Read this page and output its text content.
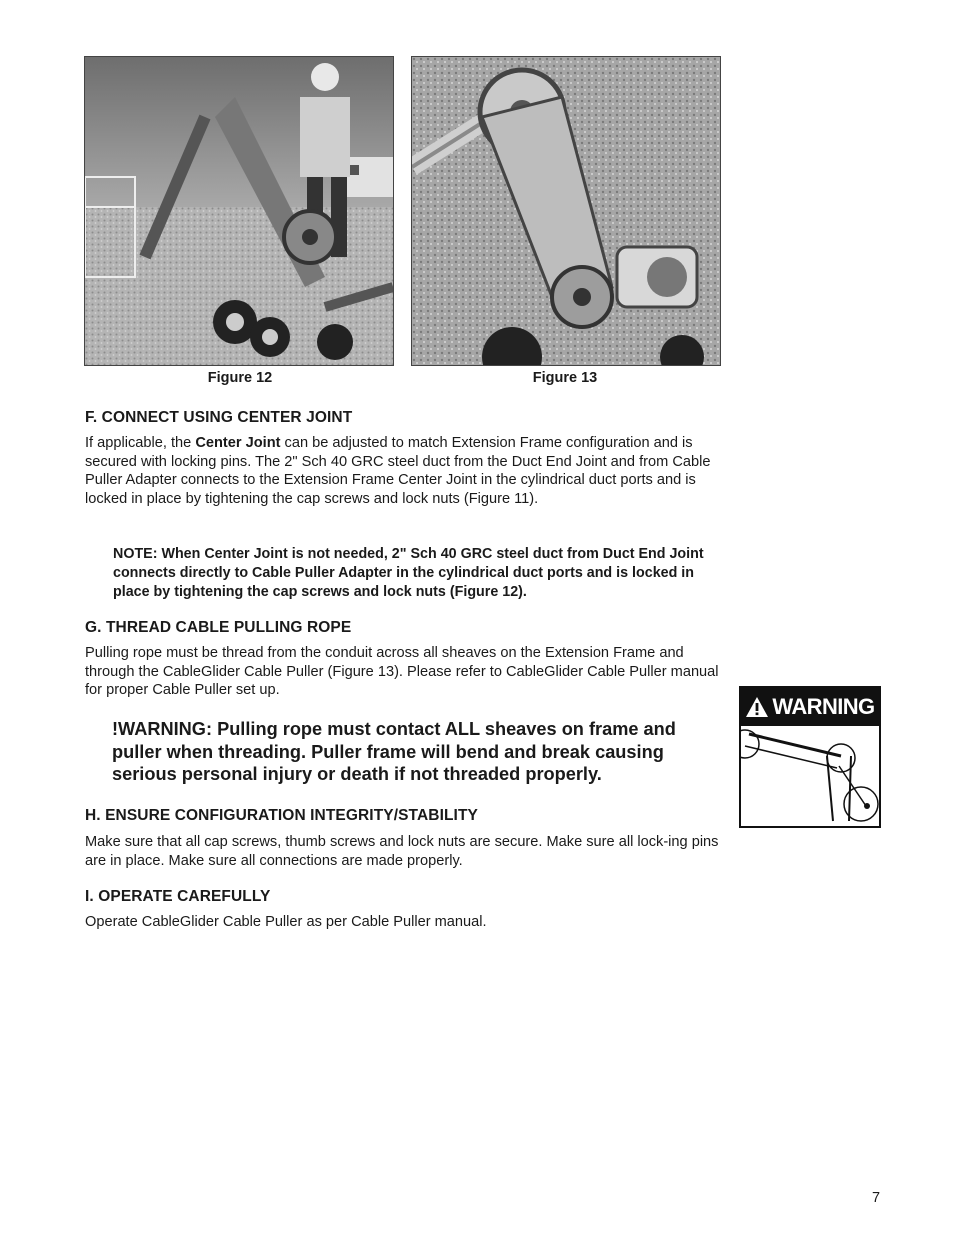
Figure 12	Figure 13
F. CONNECT USING CENTER JOINT

If applicable, the Center Joint can be adjusted to match Extension Frame configuration and is secured with locking pins. The 2" Sch 40 GRC steel duct from the Duct End Joint and from Cable Puller Adapter connects to the Extension Frame Center Joint in the cylindrical duct ports and is locked in place by tightening the cap screws and lock nuts (Figure 11).

NOTE: When Center Joint is not needed, 2" Sch 40 GRC steel duct from Duct End Joint connects directly to Cable Puller Adapter in the cylindrical duct ports and is locked in place by tightening the cap screws and lock nuts (Figure 12).

G. THREAD CABLE PULLING ROPE

Pulling rope must be thread from the conduit across all sheaves on the Extension Frame and through the CableGlider Cable Puller (Figure 13). Please refer to CableGlider Cable Puller manual for proper Cable Puller set up.

!WARNING: Pulling rope must contact ALL sheaves on frame and puller when threading. Puller frame will bend and break causing serious personal injury or death if not threaded properly.

H. ENSURE CONFIGURATION INTEGRITY/STABILITY

Make sure that all cap screws, thumb screws and lock nuts are secure. Make sure all lock-ing pins are in place. Make sure all connections are made properly.

I. OPERATE CAREFULLY

Operate CableGlider Cable Puller as per Cable Puller manual.

WARNING
7
